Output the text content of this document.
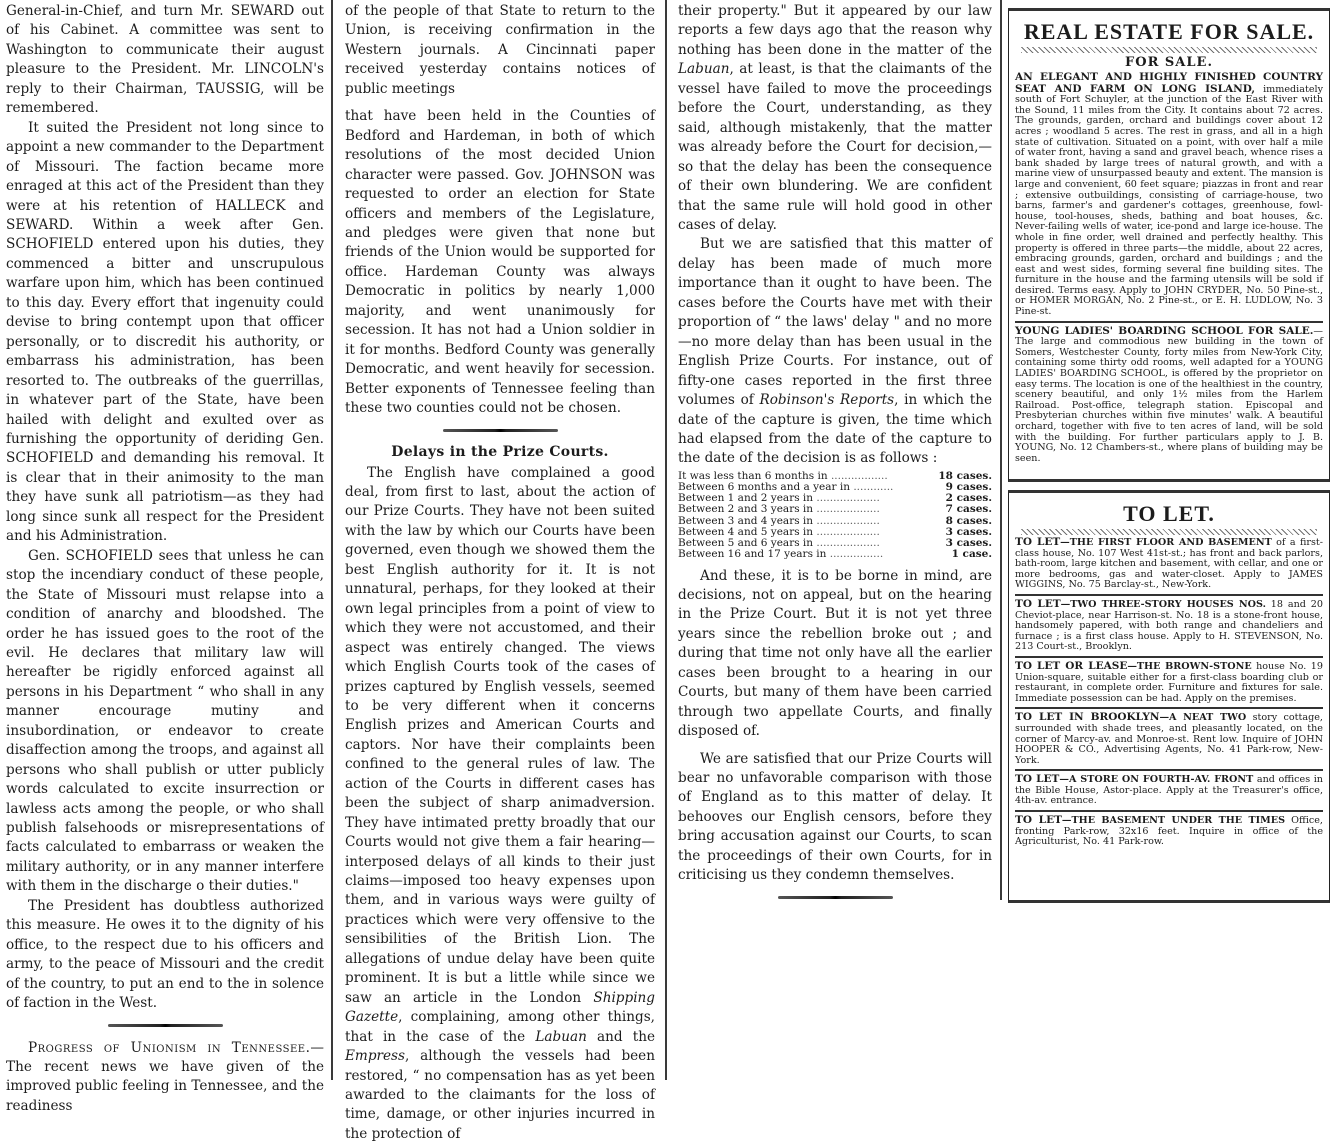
General-in-Chief, and turn Mr. SEWARD out of his Cabinet. A committee was sent to Washington to communicate their august pleasure to the President. Mr. LINCOLN's reply to their Chairman, TAUSSIG, will be remembered.

It suited the President not long since to appoint a new commander to the Department of Missouri. The faction became more enraged at this act of the President than they were at his retention of HALLECK and SEWARD. Within a week after Gen. SCHOFIELD entered upon his duties, they commenced a bitter and unscrupulous warfare upon him, which has been continued to this day. Every effort that ingenuity could devise to bring contempt upon that officer personally, or to discredit his authority, or embarrass his administration, has been resorted to. The outbreaks of the guerrillas, in whatever part of the State, have been hailed with delight and exulted over as furnishing the opportunity of deriding Gen. SCHOFIELD and demanding his removal. It is clear that in their animosity to the man they have sunk all patriotism—as they had long since sunk all respect for the President and his Administration.

Gen. SCHOFIELD sees that unless he can stop the incendiary conduct of these people, the State of Missouri must relapse into a condition of anarchy and bloodshed. The order he has issued goes to the root of the evil. He declares that military law will hereafter be rigidly enforced against all persons in his Department “ who shall in any manner encourage mutiny and insubordination, or endeavor to create disaffection among the troops, and against all persons who shall publish or utter publicly words calculated to excite insurrection or lawless acts among the people, or who shall publish falsehoods or misrepresentations of facts calculated to embarrass or weaken the military authority, or in any manner interfere with them in the discharge o their duties."

The President has doubtless authorized this measure. He owes it to the dignity of his office, to the respect due to his officers and army, to the peace of Missouri and the credit of the country, to put an end to the in solence of faction in the West.

Progress of Unionism in Tennessee.—The recent news we have given of the improved public feeling in Tennessee, and the readiness

of the people of that State to return to the Union, is receiving confirmation in the Western journals. A Cincinnati paper received yesterday contains notices of public meetings

that have been held in the Counties of Bedford and Hardeman, in both of which resolutions of the most decided Union character were passed. Gov. JOHNSON was requested to order an election for State officers and members of the Legislature, and pledges were given that none but friends of the Union would be supported for office. Hardeman County was always Democratic in politics by nearly 1,000 majority, and went unanimously for secession. It has not had a Union soldier in it for months. Bedford County was generally Democratic, and went heavily for secession. Better exponents of Tennessee feeling than these two counties could not be chosen.

Delays in the Prize Courts.

The English have complained a good deal, from first to last, about the action of our Prize Courts. They have not been suited with the law by which our Courts have been governed, even though we showed them the best English authority for it. It is not unnatural, perhaps, for they looked at their own legal principles from a point of view to which they were not accustomed, and their aspect was entirely changed. The views which English Courts took of the cases of prizes captured by English vessels, seemed to be very different when it concerns English prizes and American Courts and captors. Nor have their complaints been confined to the general rules of law. The action of the Courts in different cases has been the subject of sharp animadversion. They have intimated pretty broadly that our Courts would not give them a fair hearing—interposed delays of all kinds to their just claims—imposed too heavy expenses upon them, and in various ways were guilty of practices which were very offensive to the sensibilities of the British Lion. The allegations of undue delay have been quite prominent. It is but a little while since we saw an article in the London Shipping Gazette, complaining, among other things, that in the case of the Labuan and the Empress, although the vessels had been restored, “ no compensation has as yet been awarded to the claimants for the loss of time, damage, or other injuries incurred in the protection of

their property." But it appeared by our law reports a few days ago that the reason why nothing has been done in the matter of the Labuan, at least, is that the claimants of the vessel have failed to move the proceedings before the Court, understanding, as they said, although mistakenly, that the matter was already before the Court for decision,—so that the delay has been the consequence of their own blundering. We are confident that the same rule will hold good in other cases of delay.

But we are satisfied that this matter of delay has been made of much more importance than it ought to have been. The cases before the Courts have met with their proportion of “ the laws' delay " and no more—no more delay than has been usual in the English Prize Courts. For instance, out of fifty-one cases reported in the first three volumes of Robinson's Reports, in which the date of the capture is given, the time which had elapsed from the date of the capture to the date of the decision is as follows :

It was less than 6 months in .................	18 cases.
Between 6 months and a year in ............	9 cases.
Between 1 and 2 years in ...................	2 cases.
Between 2 and 3 years in ...................	7 cases.
Between 3 and 4 years in ...................	8 cases.
Between 4 and 5 years in ...................	3 cases.
Between 5 and 6 years in ...................	3 cases.
Between 16 and 17 years in ................	1 case.

And these, it is to be borne in mind, are decisions, not on appeal, but on the hearing in the Prize Court. But it is not yet three years since the rebellion broke out ; and during that time not only have all the earlier cases been brought to a hearing in our Courts, but many of them have been carried through two appellate Courts, and finally disposed of.

We are satisfied that our Prize Courts will bear no unfavorable comparison with those of England as to this matter of delay. It behooves our English censors, before they bring accusation against our Courts, to scan the proceedings of their own Courts, for in criticising us they condemn themselves.

REAL ESTATE FOR SALE.
FOR SALE.

AN ELEGANT AND HIGHLY FINISHED COUNTRY SEAT AND FARM ON LONG ISLAND, immediately south of Fort Schuyler, at the junction of the East River with the Sound, 11 miles from the City. It contains about 72 acres. The grounds, garden, orchard and buildings cover about 12 acres ; woodland 5 acres. The rest in grass, and all in a high state of cultivation. Situated on a point, with over half a mile of water front, having a sand and gravel beach, whence rises a bank shaded by large trees of natural growth, and with a marine view of unsurpassed beauty and extent. The mansion is large and convenient, 60 feet square; piazzas in front and rear ; extensive outbuildings, consisting of carriage-house, two barns, farmer's and gardener's cottages, greenhouse, fowl-house, tool-houses, sheds, bathing and boat houses, &c. Never-failing wells of water, ice-pond and large ice-house. The whole in fine order, well drained and perfectly healthy. This property is offered in three parts—the middle, about 22 acres, embracing grounds, garden, orchard and buildings ; and the east and west sides, forming several fine building sites. The furniture in the house and the farming utensils will be sold if desired. Terms easy. Apply to JOHN CRYDER, No. 50 Pine-st., or HOMER MORGAN, No. 2 Pine-st., or E. H. LUDLOW, No. 3 Pine-st.

YOUNG LADIES' BOARDING SCHOOL FOR SALE.—The large and commodious new building in the town of Somers, Westchester County, forty miles from New-York City, containing some thirty odd rooms, well adapted for a YOUNG LADIES' BOARDING SCHOOL, is offered by the proprietor on easy terms. The location is one of the healthiest in the country, scenery beautiful, and only 1½ miles from the Harlem Railroad. Post-office, telegraph station. Episcopal and Presbyterian churches within five minutes' walk. A beautiful orchard, together with five to ten acres of land, will be sold with the building. For further particulars apply to J. B. YOUNG, No. 12 Chambers-st., where plans of building may be seen.

TO LET.

TO LET—THE FIRST FLOOR AND BASEMENT of a first-class house, No. 107 West 41st-st.; has front and back parlors, bath-room, large kitchen and basement, with cellar, and one or more bedrooms, gas and water-closet. Apply to JAMES WIGGINS, No. 75 Barclay-st., New-York.

TO LET—TWO THREE-STORY HOUSES NOS. 18 and 20 Cheviot-place, near Harrison-st. No. 18 is a stone-front house, handsomely papered, with both range and chandeliers and furnace ; is a first class house. Apply to H. STEVENSON, No. 213 Court-st., Brooklyn.

TO LET OR LEASE—THE BROWN-STONE house No. 19 Union-square, suitable either for a first-class boarding club or restaurant, in complete order. Furniture and fixtures for sale. Immediate possession can be had. Apply on the premises.

TO LET IN BROOKLYN—A NEAT TWO story cottage, surrounded with shade trees, and pleasantly located, on the corner of Marcy-av. and Monroe-st. Rent low. Inquire of JOHN HOOPER & CO., Advertising Agents, No. 41 Park-row, New-York.

TO LET—A STORE ON FOURTH-AV. FRONT and offices in the Bible House, Astor-place. Apply at the Treasurer's office, 4th-av. entrance.

TO LET—THE BASEMENT UNDER THE TIMES Office, fronting Park-row, 32x16 feet. Inquire in office of the Agriculturist, No. 41 Park-row.
